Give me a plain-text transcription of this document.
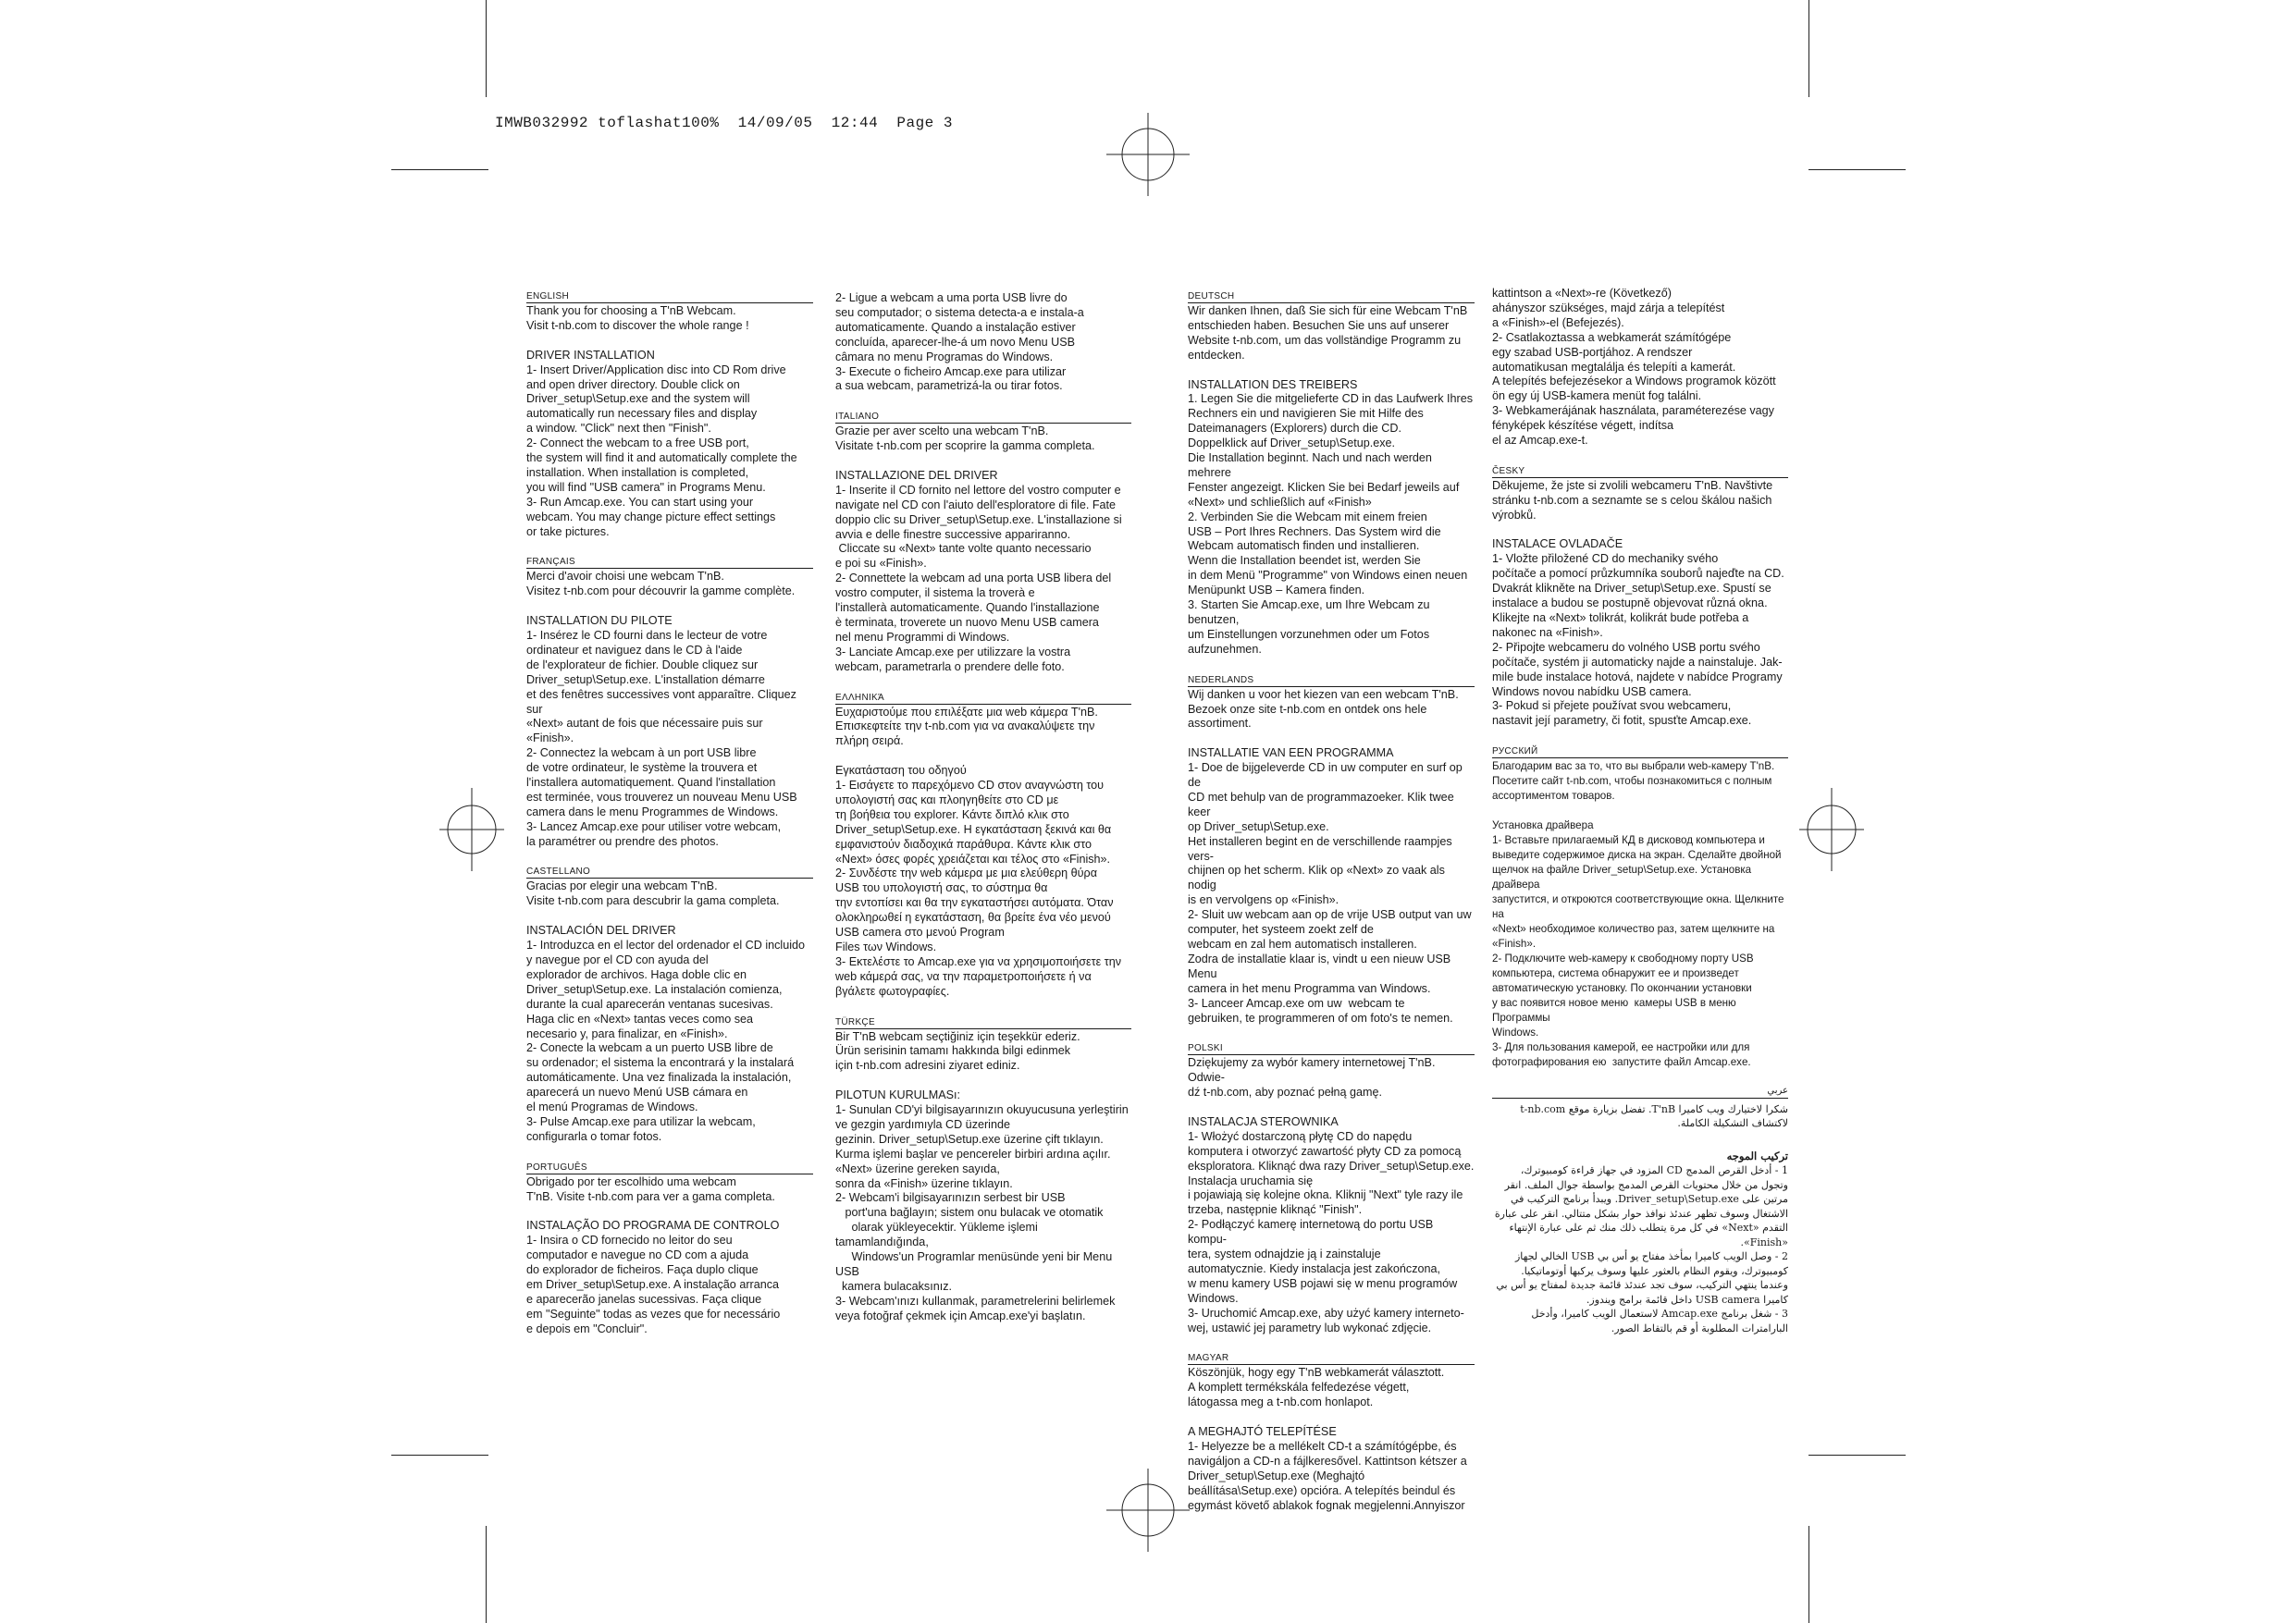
IMWB032992 toflashat100%  14/09/05  12:44  Page 3
ENGLISH
Thank you for choosing a T'nB Webcam.
Visit t-nb.com to discover the whole range !
DRIVER INSTALLATION
1- Insert Driver/Application disc into CD Rom drive
and open driver directory. Double click on
Driver_setup\Setup.exe and the system will
automatically run necessary files and display
a window. "Click" next then "Finish".
2- Connect the webcam to a free USB port,
the system will find it and automatically complete the
installation. When installation is completed,
you will find "USB camera" in Programs Menu.
3- Run Amcap.exe. You can start using your
webcam. You may change picture effect settings
or take pictures.
FRANÇAIS
Merci d'avoir choisi une webcam T'nB.
Visitez t-nb.com pour découvrir la gamme complète.
INSTALLATION DU PILOTE
1- Insérez le CD fourni dans le lecteur de votre
ordinateur et naviguez dans le CD à l'aide
de l'explorateur de fichier. Double cliquez sur
Driver_setup\Setup.exe. L'installation démarre
et des fenêtres successives vont apparaître. Cliquez sur
«Next» autant de fois que nécessaire puis sur «Finish».
2- Connectez la webcam à un port USB libre
de votre ordinateur, le système la trouvera et
l'installera automatiquement. Quand l'installation
est terminée, vous trouverez un nouveau Menu USB
camera dans le menu Programmes de Windows.
3- Lancez Amcap.exe pour utiliser votre webcam,
la paramétrer ou prendre des photos.
CASTELLANO
Gracias por elegir una webcam T'nB.
Visite t-nb.com para descubrir la gama completa.
INSTALACIÓN DEL DRIVER
1- Introduzca en el lector del ordenador el CD incluido
y navegue por el CD con ayuda del
explorador de archivos. Haga doble clic en
Driver_setup\Setup.exe. La instalación comienza,
durante la cual aparecerán ventanas sucesivas.
Haga clic en «Next» tantas veces como sea
necesario y, para finalizar, en «Finish».
2- Conecte la webcam a un puerto USB libre de
su ordenador; el sistema la encontrará y la instalará
automáticamente. Una vez finalizada la instalación,
aparecerá un nuevo Menú USB cámara en
el menú Programas de Windows.
3- Pulse Amcap.exe para utilizar la webcam,
configurarla o tomar fotos.
PORTUGUÊS
Obrigado por ter escolhido uma webcam
T'nB. Visite t-nb.com para ver a gama completa.
INSTALAÇÃO DO PROGRAMA DE CONTROLO
1- Insira o CD fornecido no leitor do seu
computador e navegue no CD com a ajuda
do explorador de ficheiros. Faça duplo clique
em Driver_setup\Setup.exe. A instalação arranca
e aparecerão janelas sucessivas. Faça clique
em "Seguinte" todas as vezes que for necessário
e depois em "Concluir".
2- Ligue a webcam a uma porta USB livre do
seu computador; o sistema detecta-a e instala-a
automaticamente. Quando a instalação estiver
concluída, aparecer-lhe-á um novo Menu USB
câmara no menu Programas do Windows.
3- Execute o ficheiro Amcap.exe para utilizar
a sua webcam, parametrizá-la ou tirar fotos.
ITALIANO
Grazie per aver scelto una webcam T'nB.
Visitate t-nb.com per scoprire la gamma completa.
INSTALLAZIONE DEL DRIVER
1- Inserite il CD fornito nel lettore del vostro computer e
navigate nel CD con l'aiuto dell'esploratore di file. Fate
doppio clic su Driver_setup\Setup.exe. L'installazione si
avvia e delle finestre successive appariranno.
Cliccate su «Next» tante volte quanto necessario
e poi su «Finish».
2- Connettete la webcam ad una porta USB libera del
vostro computer, il sistema la troverà e
l'installerà automaticamente. Quando l'installazione
è terminata, troverete un nuovo Menu USB camera
nel menu Programmi di Windows.
3- Lanciate Amcap.exe per utilizzare la vostra
webcam, parametrarla o prendere delle foto.
ΕΛΛΗΝΙΚΆ
Ευχαριστούμε που επιλέξατε μια web κάμερα T'nB.
Επισκεφτείτε την t-nb.com για να ανακαλύψετε την
πλήρη σειρά.
Εγκατάσταση του οδηγού
1- Εισάγετε το παρεχόμενο CD στον αναγνώστη του
υπολογιστή σας και πλοηγηθείτε στο CD με
τη βοήθεια του explorer. Κάντε διπλό κλικ στο
Driver_setup\Setup.exe. Η εγκατάσταση ξεκινά και θα
εμφανιστούν διαδοχικά παράθυρα. Κάντε κλικ στο
«Next» όσες φορές χρειάζεται και τέλος στο «Finish».
2- Συνδέστε την web κάμερα με μια ελεύθερη θύρα
USB του υπολογιστή σας, το σύστημα θα
την εντοπίσει και θα την εγκαταστήσει αυτόματα. Όταν
ολοκληρωθεί η εγκατάσταση, θα βρείτε ένα νέο μενού
USB camera στο μενού Program
Files των Windows.
3- Εκτελέστε το Amcap.exe για να χρησιμοποιήσετε την
web κάμερά σας, να την παραμετροποιήσετε ή να
βγάλετε φωτογραφίες.
TÜRKÇE
Bir T'nB webcam seçtiğiniz için teşekkür ederiz.
Ürün serisinin tamamı hakkında bilgi edinmek
için t-nb.com adresini ziyaret ediniz.
PILOTUN KURULMASı:
1- Sunulan CD'yi bilgisayarınızın okuyucusuna yerleştirin
ve gezgin yardımıyla CD üzerinde
gezinin. Driver_setup\Setup.exe üzerine çift tıklayın.
Kurma işlemi başlar ve pencereler birbiri ardına açılır.
«Next» üzerine gereken sayıda,
sonra da «Finish» üzerine tıklayın.
2- Webcam'i bilgisayarınızın serbest bir USB
port'una bağlayın; sistem onu bulacak ve otomatik
olarak yükleyecektir. Yükleme işlemi tamamlandığında,
Windows'un Programlar menüsünde yeni bir Menu USB
kamera bulacaksınız.
3- Webcam'ınızı kullanmak, parametrelerini belirlemek
veya fotoğraf çekmek için Amcap.exe'yi başlatın.
DEUTSCH
Wir danken Ihnen, daß Sie sich für eine Webcam T'nB
entschieden haben. Besuchen Sie uns auf unserer
Website t-nb.com, um das vollständige Programm zu
entdecken.
INSTALLATION DES TREIBERS
1. Legen Sie die mitgelieferte CD in das Laufwerk Ihres
Rechners ein und navigieren Sie mit Hilfe des
Dateimanagers (Explorers) durch die CD.
Doppelklick auf Driver_setup\Setup.exe.
Die Installation beginnt. Nach und nach werden mehrere
Fenster angezeigt. Klicken Sie bei Bedarf jeweils auf
«Next» und schließlich auf «Finish»
2. Verbinden Sie die Webcam mit einem freien
USB – Port Ihres Rechners. Das System wird die
Webcam automatisch finden und installieren.
Wenn die Installation beendet ist, werden Sie
in dem Menü "Programme" von Windows einen neuen
Menüpunkt USB – Kamera finden.
3. Starten Sie Amcap.exe, um Ihre Webcam zu benutzen,
um Einstellungen vorzunehmen oder um Fotos
aufzunehmen.
NEDERLANDS
Wij danken u voor het kiezen van een webcam T'nB.
Bezoek onze site t-nb.com en ontdek ons hele assortiment.
INSTALLATIE VAN EEN PROGRAMMA
1- Doe de bijgeleverde CD in uw computer en surf op de
CD met behulp van de programmazoeker. Klik twee keer
op Driver_setup\Setup.exe.
Het installeren begint en de verschillende raampjes vers-
chijnen op het scherm. Klik op «Next» zo vaak als nodig
is en vervolgens op «Finish».
2- Sluit uw webcam aan op de vrije USB output van uw
computer, het systeem zoekt zelf de
webcam en zal hem automatisch installeren.
Zodra de installatie klaar is, vindt u een nieuw USB Menu
camera in het menu Programma van Windows.
3- Lanceer Amcap.exe om uw  webcam te
gebruiken, te programmeren of om foto's te nemen.
POLSKI
Dziękujemy za wybór kamery internetowej T'nB. Odwie-
dź t-nb.com, aby poznać pełną gamę.
INSTALACJA STEROWNIKA
1- Włożyć dostarczoną płytę CD do napędu
komputera i otworzyć zawartość płyty CD za pomocą
eksploratora. Kliknąć dwa razy Driver_setup\Setup.exe.
Instalacja uruchamia się
i pojawiają się kolejne okna. Kliknij "Next" tyle razy ile
trzeba, następnie kliknąć "Finish".
2- Podłączyć kamerę internetową do portu USB kompu-
tera, system odnajdzie ją i zainstaluje
automatycznie. Kiedy instalacja jest zakończona,
w menu kamery USB pojawi się w menu programów
Windows.
3- Uruchomić Amcap.exe, aby użyć kamery interneto-
wej, ustawić jej parametry lub wykonać zdjęcie.
MAGYAR
Köszönjük, hogy egy T'nB webkamerát választott.
A komplett termékskála felfedezése végett,
látogassa meg a t-nb.com honlapot.
A MEGHAJTÓ TELEPÍTÉSE
1- Helyezze be a mellékelt CD-t a számítógépbe, és
navigáljon a CD-n a fájlkeresővel. Kattintson kétszer a
Driver_setup\Setup.exe (Meghajtó
beállítása\Setup.exe) opcióra. A telepítés beindul és
egymást követő ablakok fognak megjelenni.Annyiszor
kattintson a «Next»-re (Következő)
ahányszor szükséges, majd zárja a telepítést
a «Finish»-el (Befejezés).
2- Csatlakoztassa a webkamerát számítógépe
egy szabad USB-portjához. A rendszer
automatikusan megtalálja és telepíti a kamerát.
A telepítés befejezésekor a Windows programok között
ön egy új USB-kamera menüt fog találni.
3- Webkamerájának használata, paraméterezése vagy
fényképek készítése végett, indítsa
el az Amcap.exe-t.
ČESKY
Děkujeme, že jste si zvolili webcameru T'nB. Navštivte
stránku t-nb.com a seznamte se s celou škálou našich
výrobků.
INSTALACE OVLADAČE
1- Vložte přiložené CD do mechaniky svého
počítače a pomocí průzkumníka souborů najeďte na CD.
Dvakrát klikněte na Driver_setup\Setup.exe. Spustí se
instalace a budou se postupně objevovat různá okna.
Klikejte na «Next» tolikrát, kolikrát bude potřeba a
nakonec na «Finish».
2- Připojte webcameru do volného USB portu svého
počítače, systém ji automaticky najde a nainstaluje. Jak-
mile bude instalace hotová, najdete v nabídce Programy
Windows novou nabídku USB camera.
3- Pokud si přejete používat svou webcameru,
nastavit její parametry, či fotit, spusťte Amcap.exe.
РУССКИЙ
Благодарим вас за то, что вы выбрали web-камеру T'nB.
Посетите сайт t-nb.com, чтобы познакомиться с полным
ассортиментом товаров.
Установка драйвера
1- Вставьте прилагаемый КД в дисковод компьютера и
выведите содержимое диска на экран. Сделайте двойной
щелчок на файле Driver_setup\Setup.exe. Установка драйвера
запустится, и откроются соответствующие окна. Щелкните на
«Next» необходимое количество раз, затем щелкните на
«Finish».
2- Подключите web-камеру к свободному порту USB
компьютера, система обнаружит ее и произведет
автоматическую установку. По окончании установки
у вас появится новое меню  камеры USB в меню Программы
Windows.
3- Для пользования камерой, ее настройки или для
фотографирования ею  запустите файл Amcap.exe.
عربي
شكرا لاختيارك ويب كاميرا T'nB. تفضل بزيارة موقع t-nb.com لاكتشاف التشكيلة الكاملة.
تركيب الموجه
1 - أدخل القرص المدمج CD المزود في جهاز قراءة كومبيوترك، وتجول من خلال محتويات القرص المدمج بواسطة جوال الملف. انقر مرتين على Driver_setup\Setup.exe. ويبدأ برنامج التركيب في الاشتغال وسوف تظهر عندئذ نوافذ حوار بشكل متتالي. انقر على عبارة التقدم «Next» في كل مرة يتطلب ذلك منك ثم على عبارة الإنتهاء «Finish».
2 - وصل الويب كاميرا بمأخذ مفتاح يو أس بي USB الخالي لجهاز كومبيوترك، ويقوم النظام بالعثور عليها وسوف يركبها أوتوماتيكيا. وعندما ينتهي التركيب، سوف تجد عندئذ قائمة جديدة لمفتاح يو أس بي كاميرا USB camera داخل قائمة برامج ويندوز.
3 - شغل برنامج Amcap.exe لاستعمال الويب كاميرا، وأدخل البارامترات المطلوبة أو قم بالتقاط الصور.
